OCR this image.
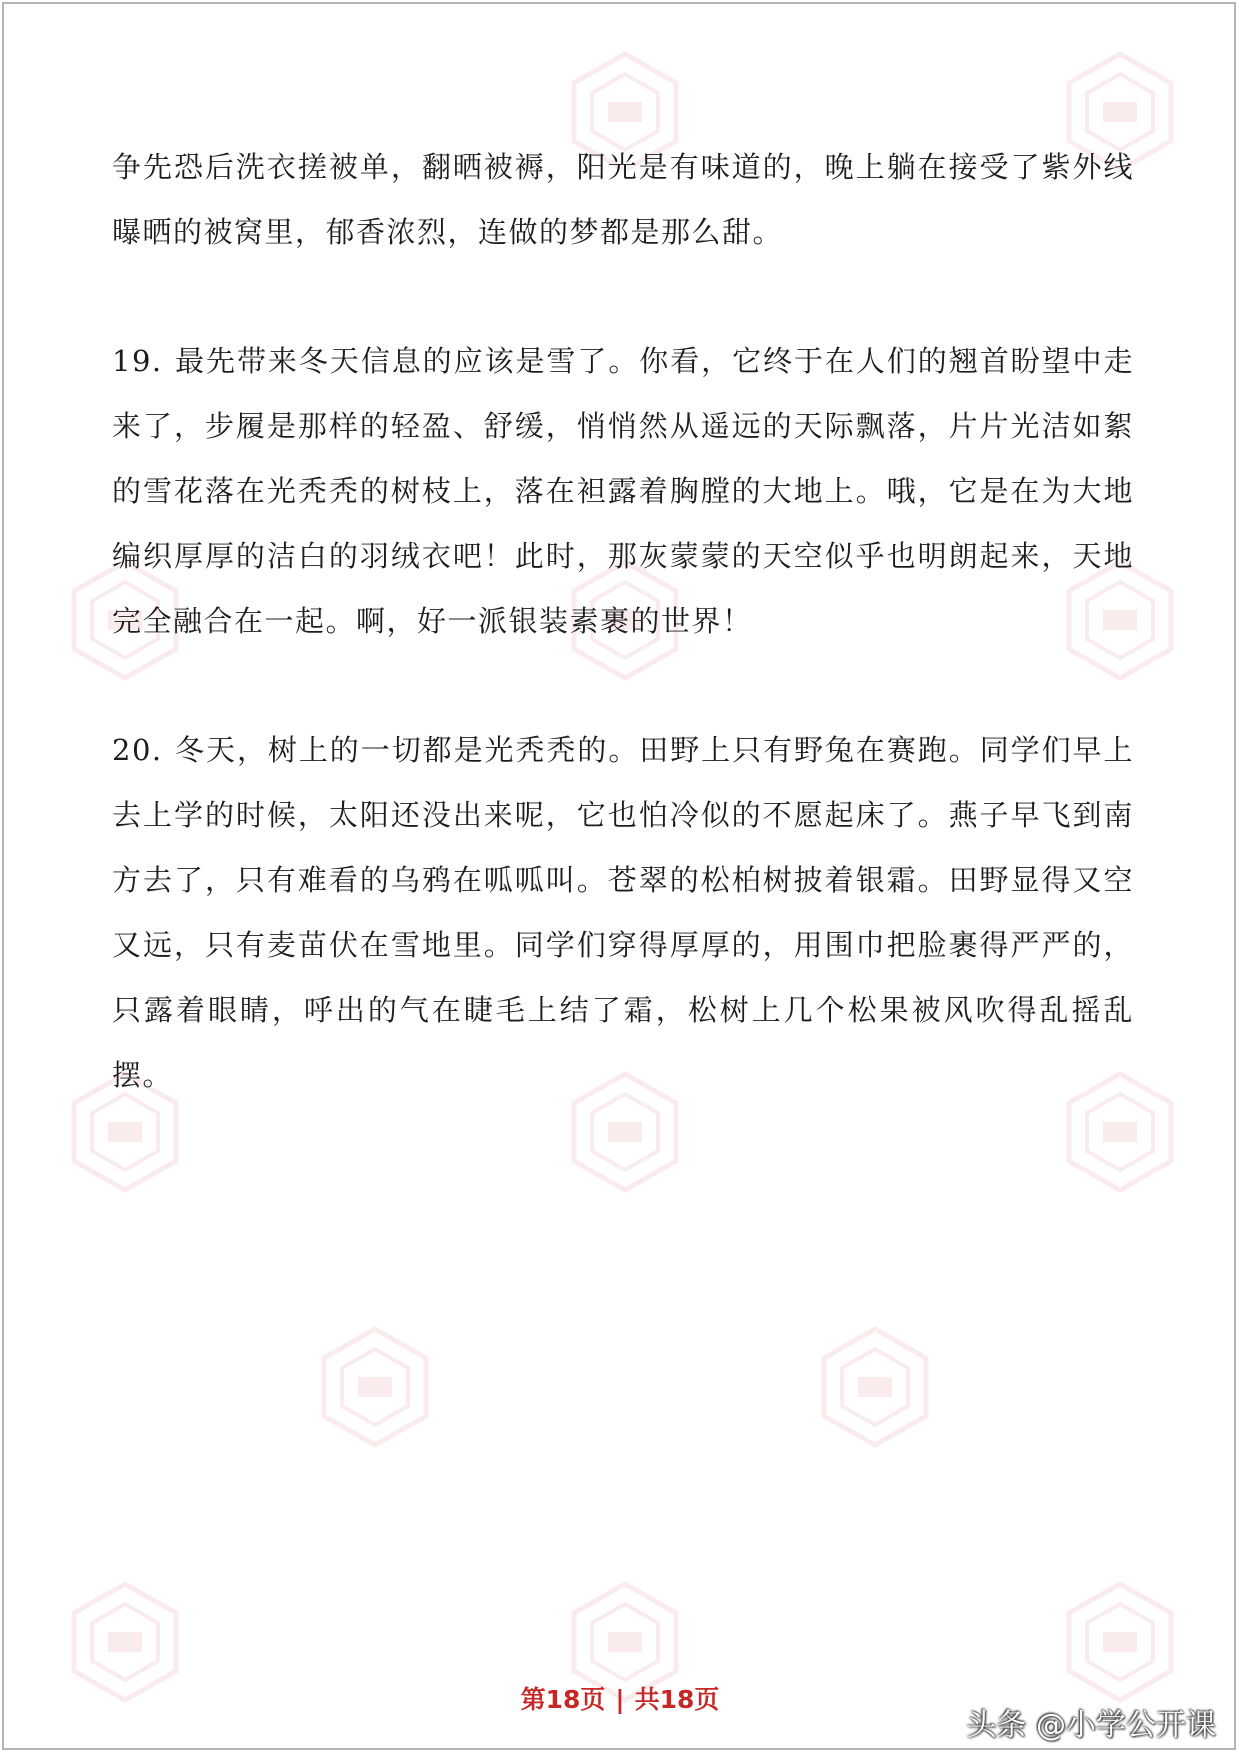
争先恐后洗衣搓被单，翻晒被褥，阳光是有味道的，晚上躺在接受了紫外线曝晒的被窝里，郁香浓烈，连做的梦都是那么甜。

19. 最先带来冬天信息的应该是雪了。你看，它终于在人们的翘首盼望中走来了，步履是那样的轻盈、舒缓，悄悄然从遥远的天际飘落，片片光洁如絮的雪花落在光秃秃的树枝上，落在袒露着胸膛的大地上。哦，它是在为大地编织厚厚的洁白的羽绒衣吧！此时，那灰蒙蒙的天空似乎也明朗起来，天地完全融合在一起。啊，好一派银装素裹的世界！

20. 冬天，树上的一切都是光秃秃的。田野上只有野兔在赛跑。同学们早上去上学的时候，太阳还没出来呢，它也怕冷似的不愿起床了。燕子早飞到南方去了，只有难看的乌鸦在呱呱叫。苍翠的松柏树披着银霜。田野显得又空又远，只有麦苗伏在雪地里。同学们穿得厚厚的，用围巾把脸裹得严严的，只露着眼睛，呼出的气在睫毛上结了霜，松树上几个松果被风吹得乱摇乱摆。

第18页 | 共18页
头条 @小学公开课
